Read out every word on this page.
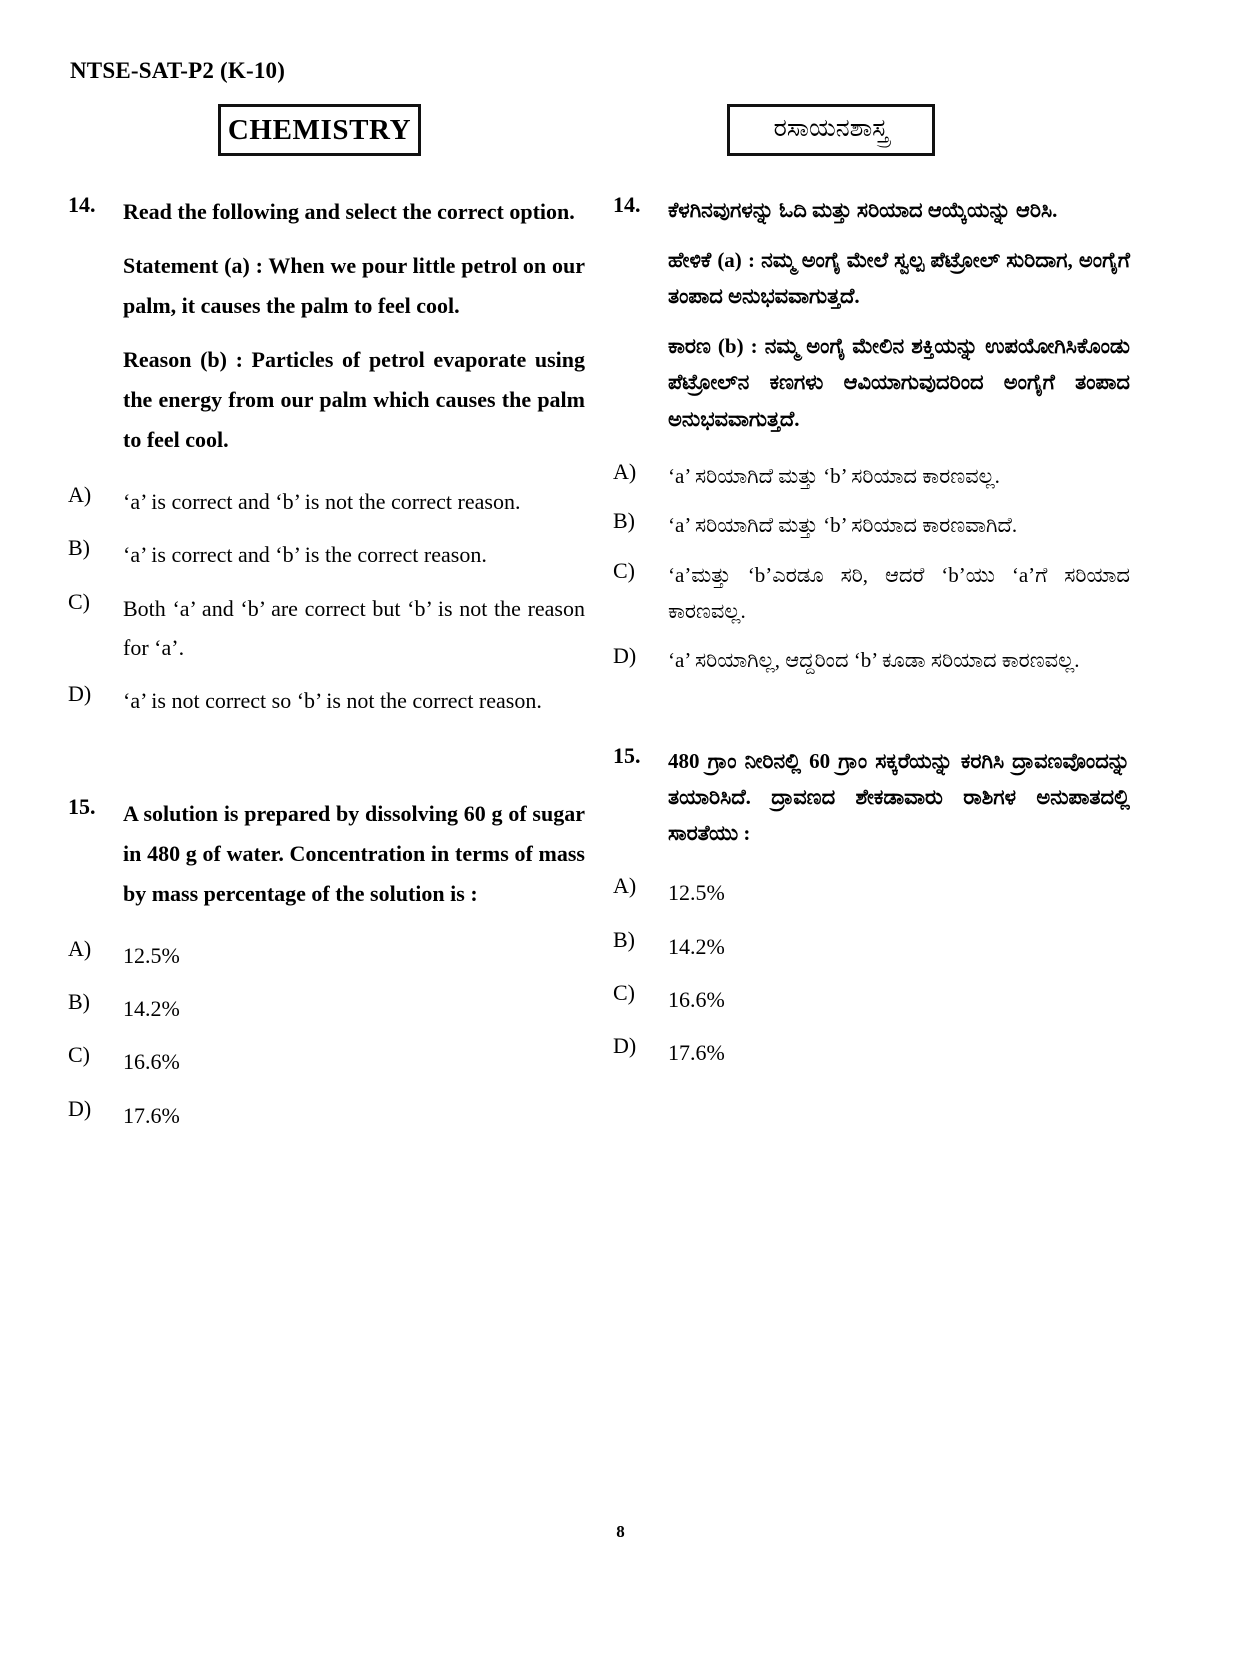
NTSE-SAT-P2 (K-10)
CHEMISTRY	ರಸಾಯನಶಾಸ್ತ್ರ
14.	Read the following and select the correct option.

Statement (a) : When we pour little petrol on our palm, it causes the palm to feel cool.

Reason (b) : Particles of petrol evaporate using the energy from our palm which causes the palm to feel cool.

A)	‘a’ is correct and ‘b’ is not the correct reason.
B)	‘a’ is correct and ‘b’ is the correct reason.
C)	Both ‘a’ and ‘b’ are correct but ‘b’ is not the reason for ‘a’.
D)	‘a’ is not correct so ‘b’ is not the correct reason.
15.	A solution is prepared by dissolving 60 g of sugar in 480 g of water. Concentration in terms of mass by mass percentage of the solution is :

A)	12.5%
B)	14.2%
C)	16.6%
D)	17.6%
14.	ಕೆಳಗಿನವುಗಳನ್ನು ಓದಿ ಮತ್ತು ಸರಿಯಾದ ಆಯ್ಕೆಯನ್ನು ಆರಿಸಿ.

ಹೇಳಿಕೆ (a) : ನಮ್ಮ ಅಂಗೈ ಮೇಲೆ ಸ್ವಲ್ಪ ಪೆಟ್ರೋಲ್ ಸುರಿದಾಗ, ಅಂಗೈಗೆ ತಂಪಾದ ಅನುಭವವಾಗುತ್ತದೆ.

ಕಾರಣ (b) : ನಮ್ಮ ಅಂಗೈ ಮೇಲಿನ ಶಕ್ತಿಯನ್ನು ಉಪಯೋಗಿಸಿಕೊಂಡು ಪೆಟ್ರೋಲ್‌ನ ಕಣಗಳು ಆವಿಯಾಗುವುದರಿಂದ ಅಂಗೈಗೆ ತಂಪಾದ ಅನುಭವವಾಗುತ್ತದೆ.

A)	‘a’ ಸರಿಯಾಗಿದೆ ಮತ್ತು ‘b’ ಸರಿಯಾದ ಕಾರಣವಲ್ಲ.
B)	‘a’ ಸರಿಯಾಗಿದೆ ಮತ್ತು ‘b’ ಸರಿಯಾದ ಕಾರಣವಾಗಿದೆ.
C)	‘a’ಮತ್ತು ‘b’ಎರಡೂ ಸರಿ, ಆದರೆ ‘b’ಯು ‘a’ಗೆ ಸರಿಯಾದ ಕಾರಣವಲ್ಲ.
D)	‘a’ ಸರಿಯಾಗಿಲ್ಲ, ಆದ್ದರಿಂದ ‘b’ ಕೂಡಾ ಸರಿಯಾದ ಕಾರಣವಲ್ಲ.
15.	480 ಗ್ರಾಂ ನೀರಿನಲ್ಲಿ 60 ಗ್ರಾಂ ಸಕ್ಕರೆಯನ್ನು ಕರಗಿಸಿ ದ್ರಾವಣವೊಂದನ್ನು ತಯಾರಿಸಿದೆ. ದ್ರಾವಣದ ಶೇಕಡಾವಾರು ರಾಶಿಗಳ ಅನುಪಾತದಲ್ಲಿ ಸಾರತೆಯು :

A)	12.5%
B)	14.2%
C)	16.6%
D)	17.6%
8
